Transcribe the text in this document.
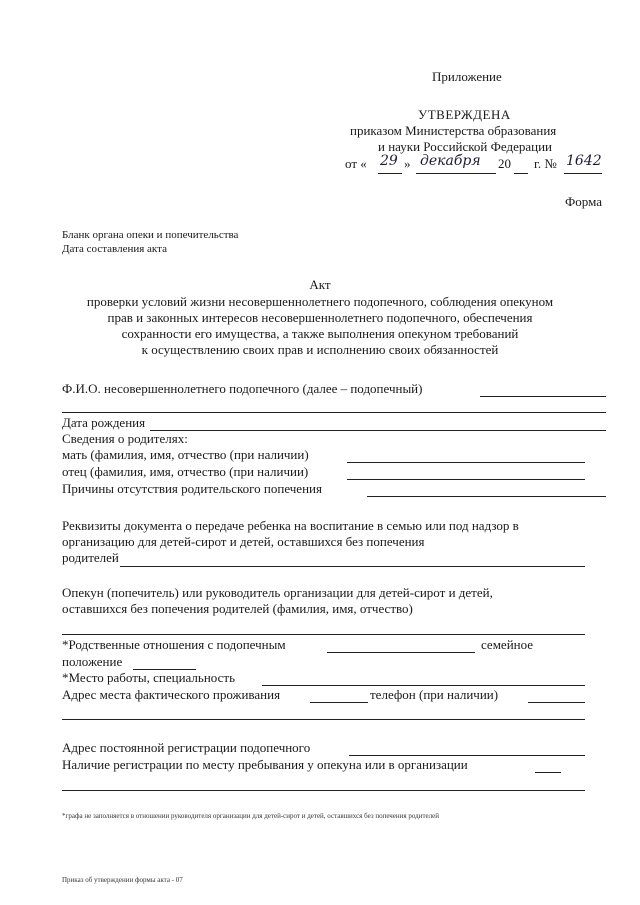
Приложение
УТВЕРЖДЕНА
приказом Министерства образования
и науки Российской Федерации
от « 29 » декабря 20 г. № 1642
Форма
Бланк органа опеки и попечительства
Дата составления акта
Акт
проверки условий жизни несовершеннолетнего подопечного, соблюдения опекуном
прав и законных интересов несовершеннолетнего подопечного, обеспечения
сохранности его имущества, а также выполнения опекуном требований
к осуществлению своих прав и исполнению своих обязанностей
Ф.И.О. несовершеннолетнего подопечного (далее – подопечный)
Дата рождения
Сведения о родителях:
мать (фамилия, имя, отчество (при наличии)
отец (фамилия, имя, отчество (при наличии)
Причины отсутствия родительского попечения
Реквизиты документа о передаче ребенка на воспитание в семью или под надзор в
организацию для детей-сирот и детей, оставшихся без попечения
родителей
Опекун (попечитель) или руководитель организации для детей-сирот и детей,
оставшихся без попечения родителей (фамилия, имя, отчество)
*Родственные отношения с подопечным	семейное
положение
*Место работы, специальность
Адрес места фактического проживания	телефон (при наличии)
Адрес постоянной регистрации подопечного
Наличие регистрации по месту пребывания у опекуна или в организации
*графа не заполняется в отношении руководителя организации для детей-сирот и детей, оставшихся без попечения родителей
Приказ об утверждении формы акта - 07
